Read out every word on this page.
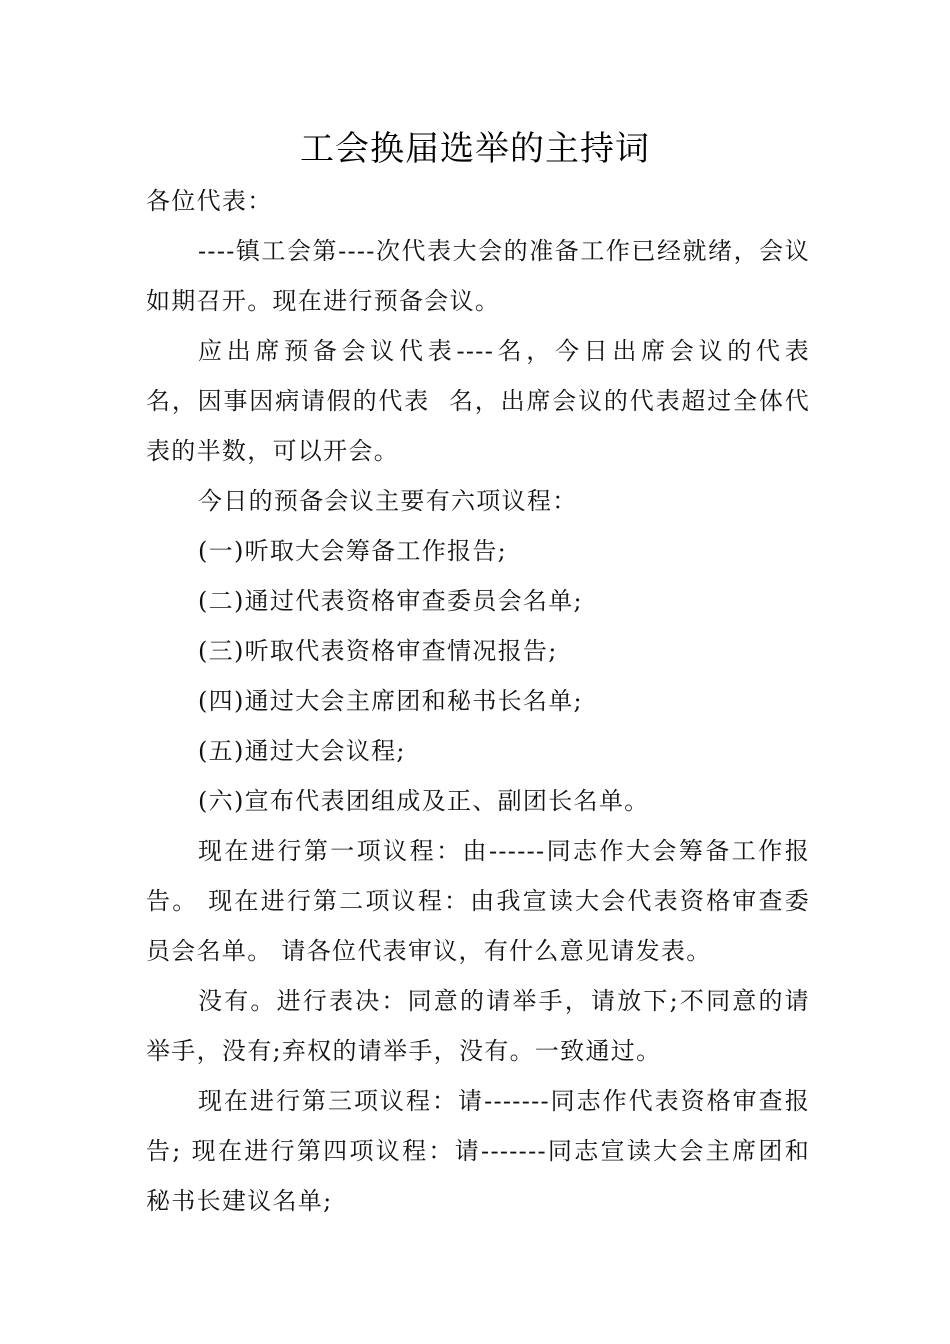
工会换届选举的主持词

各位代表：

----镇工会第----次代表大会的准备工作已经就绪，会议如期召开。现在进行预备会议。

应出席预备会议代表----名，今日出席会议的代表  名，因事因病请假的代表  名，出席会议的代表超过全体代表的半数，可以开会。

今日的预备会议主要有六项议程：

(一)听取大会筹备工作报告;

(二)通过代表资格审查委员会名单;

(三)听取代表资格审查情况报告;

(四)通过大会主席团和秘书长名单;

(五)通过大会议程;

(六)宣布代表团组成及正、副团长名单。

现在进行第一项议程：由------同志作大会筹备工作报告。 现在进行第二项议程：由我宣读大会代表资格审查委员会名单。 请各位代表审议，有什么意见请发表。

没有。进行表决：同意的请举手，请放下;不同意的请举手，没有;弃权的请举手，没有。一致通过。

现在进行第三项议程：请-------同志作代表资格审查报告; 现在进行第四项议程：请-------同志宣读大会主席团和秘书长建议名单;
